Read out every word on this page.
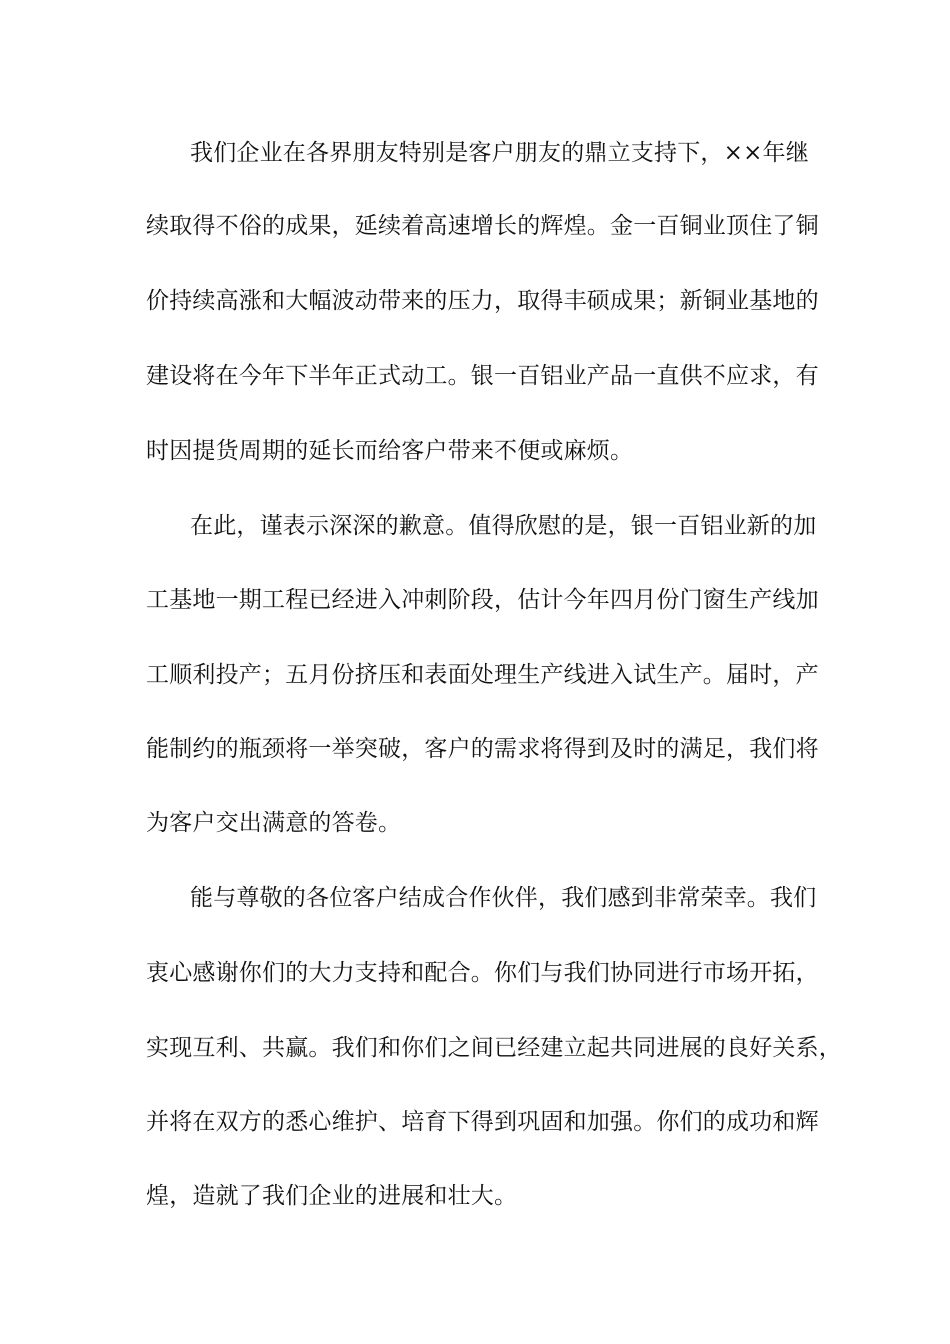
我们企业在各界朋友特别是客户朋友的鼎立支持下，××年继
续取得不俗的成果，延续着高速增长的辉煌。金一百铜业顶住了铜
价持续高涨和大幅波动带来的压力，取得丰硕成果；新铜业基地的
建设将在今年下半年正式动工。银一百铝业产品一直供不应求，有
时因提货周期的延长而给客户带来不便或麻烦。
在此，谨表示深深的歉意。值得欣慰的是，银一百铝业新的加
工基地一期工程已经进入冲刺阶段，估计今年四月份门窗生产线加
工顺利投产；五月份挤压和表面处理生产线进入试生产。届时，产
能制约的瓶颈将一举突破，客户的需求将得到及时的满足，我们将
为客户交出满意的答卷。
能与尊敬的各位客户结成合作伙伴，我们感到非常荣幸。我们
衷心感谢你们的大力支持和配合。你们与我们协同进行市场开拓，
实现互利、共赢。我们和你们之间已经建立起共同进展的良好关系，
并将在双方的悉心维护、培育下得到巩固和加强。你们的成功和辉
煌，造就了我们企业的进展和壮大。
